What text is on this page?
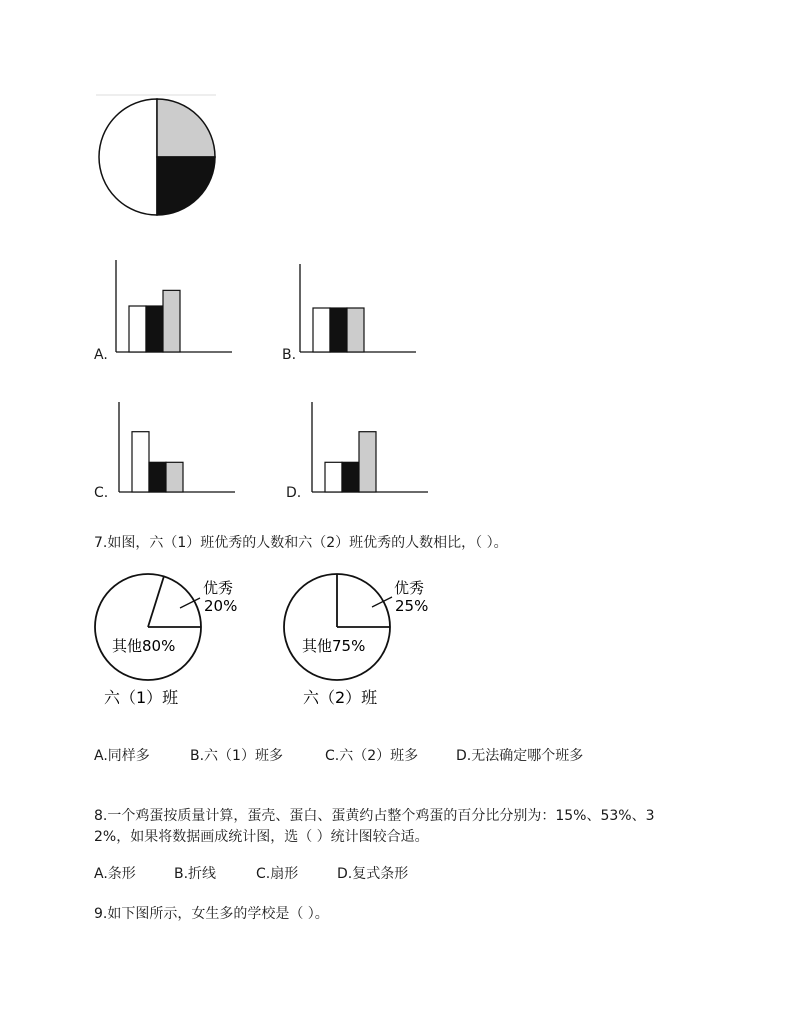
A.	B.
C.	D.
7.如图，六（1）班优秀的人数和六（2）班优秀的人数相比，（ ）。
优秀
20%
其他80%
六（1）班
优秀
25%
其他75%
六（2）班
A.同样多	B.六（1）班多	C.六（2）班多	D.无法确定哪个班多
8.一个鸡蛋按质量计算，蛋壳、蛋白、蛋黄约占整个鸡蛋的百分比分别为：15%、53%、3
2%，如果将数据画成统计图，选（ ）统计图较合适。
A.条形	B.折线	C.扇形	D.复式条形
9.如下图所示，女生多的学校是（ ）。
